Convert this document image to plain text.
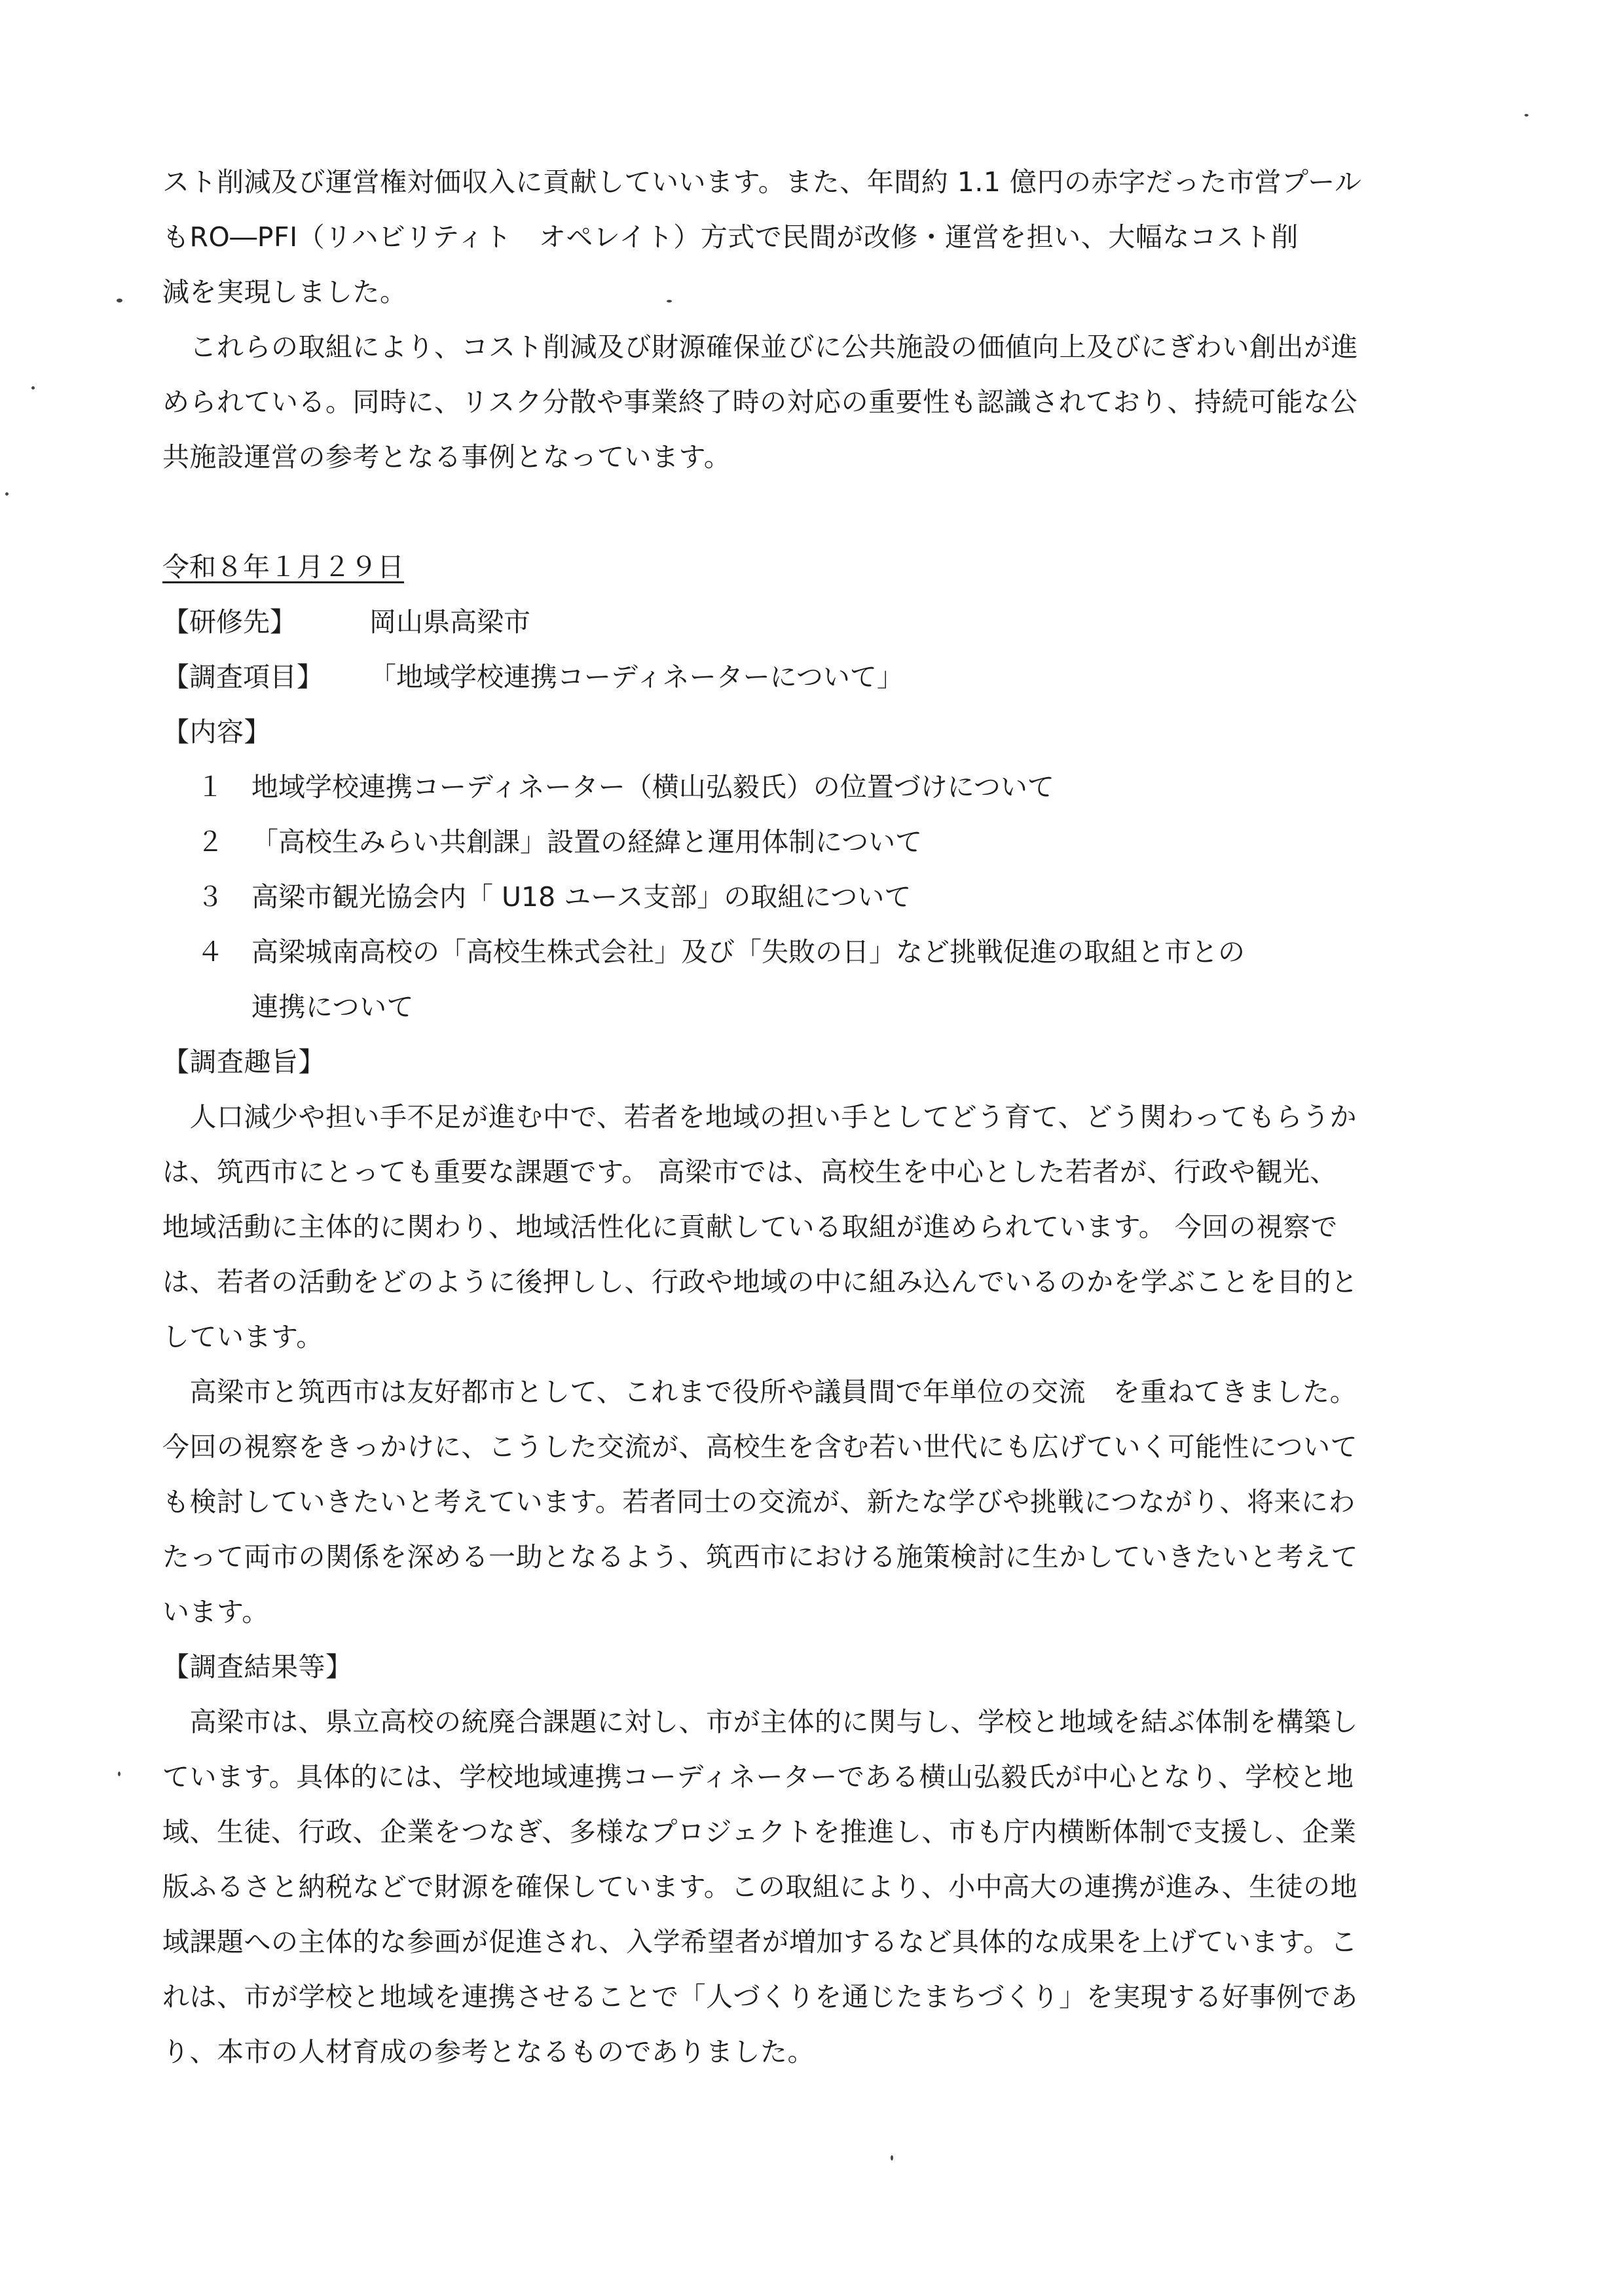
スト削減及び運営権対価収入に貢献していいます。また、年間約 1.1 億円の赤字だった市営プール
もRO―PFI（リハビリティト　オペレイト）方式で民間が改修・運営を担い、大幅なコスト削
減を実現しました。
　これらの取組により、コスト削減及び財源確保並びに公共施設の価値向上及びにぎわい創出が進
められている。同時に、リスク分散や事業終了時の対応の重要性も認識されており、持続可能な公
共施設運営の参考となる事例となっています。
令和８年１月２９日
【研修先】	岡山県高梁市
【調査項目】	「地域学校連携コーディネーターについて」
【内容】
１	地域学校連携コーディネーター（横山弘毅氏）の位置づけについて
２	「高校生みらい共創課」設置の経緯と運用体制について
３	高梁市観光協会内「 U18 ユース支部」の取組について
４	高梁城南高校の「高校生株式会社」及び「失敗の日」など挑戦促進の取組と市との
連携について
【調査趣旨】
　人口減少や担い手不足が進む中で、若者を地域の担い手としてどう育て、どう関わってもらうか
は、筑西市にとっても重要な課題です。 高梁市では、高校生を中心とした若者が、行政や観光、
地域活動に主体的に関わり、地域活性化に貢献している取組が進められています。 今回の視察で
は、若者の活動をどのように後押しし、行政や地域の中に組み込んでいるのかを学ぶことを目的と
しています。
　高梁市と筑西市は友好都市として、これまで役所や議員間で年単位の交流　を重ねてきました。
今回の視察をきっかけに、こうした交流が、高校生を含む若い世代にも広げていく可能性について
も検討していきたいと考えています。若者同士の交流が、新たな学びや挑戦につながり、将来にわ
たって両市の関係を深める一助となるよう、筑西市における施策検討に生かしていきたいと考えて
います。
【調査結果等】
　高梁市は、県立高校の統廃合課題に対し、市が主体的に関与し、学校と地域を結ぶ体制を構築し
ています。具体的には、学校地域連携コーディネーターである横山弘毅氏が中心となり、学校と地
域、生徒、行政、企業をつなぎ、多様なプロジェクトを推進し、市も庁内横断体制で支援し、企業
版ふるさと納税などで財源を確保しています。この取組により、小中高大の連携が進み、生徒の地
域課題への主体的な参画が促進され、入学希望者が増加するなど具体的な成果を上げています。こ
れは、市が学校と地域を連携させることで「人づくりを通じたまちづくり」を実現する好事例であ
り、本市の人材育成の参考となるものでありました。
